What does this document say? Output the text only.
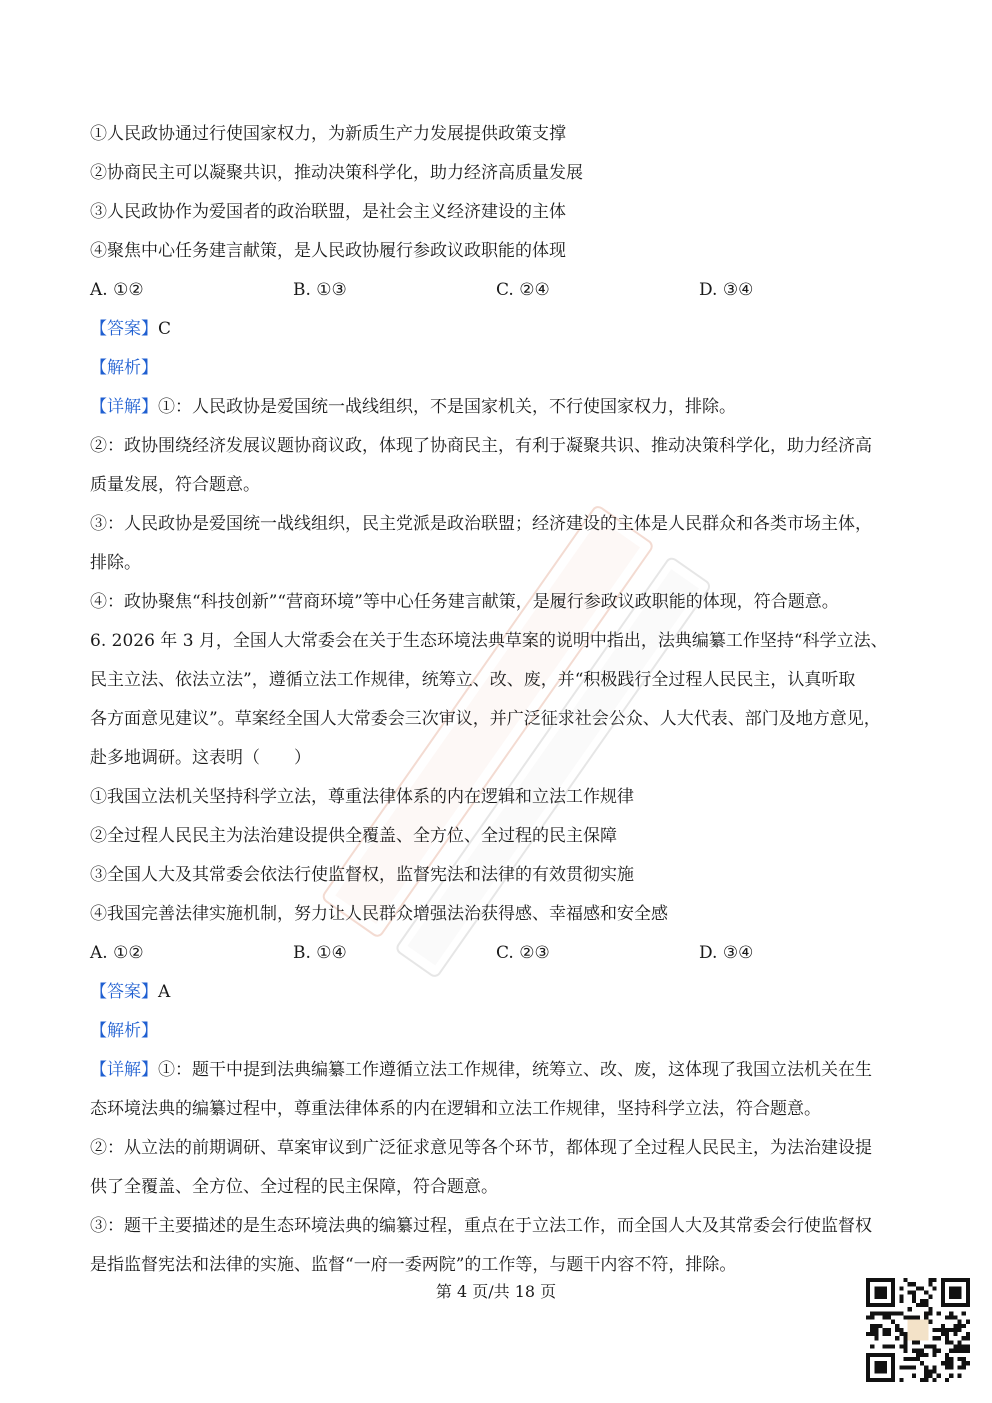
①人民政协通过行使国家权力，为新质生产力发展提供政策支撑
②协商民主可以凝聚共识，推动决策科学化，助力经济高质量发展
③人民政协作为爱国者的政治联盟，是社会主义经济建设的主体
④聚焦中心任务建言献策，是人民政协履行参政议政职能的体现
A. ①②	B. ①③	C. ②④	D. ③④
【答案】C
【解析】
【详解】①：人民政协是爱国统一战线组织，不是国家机关，不行使国家权力，排除。
②：政协围绕经济发展议题协商议政，体现了协商民主，有利于凝聚共识、推动决策科学化，助力经济高
质量发展，符合题意。
③：人民政协是爱国统一战线组织，民主党派是政治联盟；经济建设的主体是人民群众和各类市场主体，
排除。
④：政协聚焦“科技创新”“营商环境”等中心任务建言献策，是履行参政议政职能的体现，符合题意。
6. 2026 年 3 月，全国人大常委会在关于生态环境法典草案的说明中指出，法典编纂工作坚持“科学立法、
民主立法、依法立法”，遵循立法工作规律，统筹立、改、废，并“积极践行全过程人民民主，认真听取
各方面意见建议”。草案经全国人大常委会三次审议，并广泛征求社会公众、人大代表、部门及地方意见，
赴多地调研。这表明（　　）
①我国立法机关坚持科学立法，尊重法律体系的内在逻辑和立法工作规律
②全过程人民民主为法治建设提供全覆盖、全方位、全过程的民主保障
③全国人大及其常委会依法行使监督权，监督宪法和法律的有效贯彻实施
④我国完善法律实施机制，努力让人民群众增强法治获得感、幸福感和安全感
A. ①②	B. ①④	C. ②③	D. ③④
【答案】A
【解析】
【详解】①：题干中提到法典编纂工作遵循立法工作规律，统筹立、改、废，这体现了我国立法机关在生
态环境法典的编纂过程中，尊重法律体系的内在逻辑和立法工作规律，坚持科学立法，符合题意。
②：从立法的前期调研、草案审议到广泛征求意见等各个环节，都体现了全过程人民民主，为法治建设提
供了全覆盖、全方位、全过程的民主保障，符合题意。
③：题干主要描述的是生态环境法典的编纂过程，重点在于立法工作，而全国人大及其常委会行使监督权
是指监督宪法和法律的实施、监督“一府一委两院”的工作等，与题干内容不符，排除。
第 4 页/共 18 页
